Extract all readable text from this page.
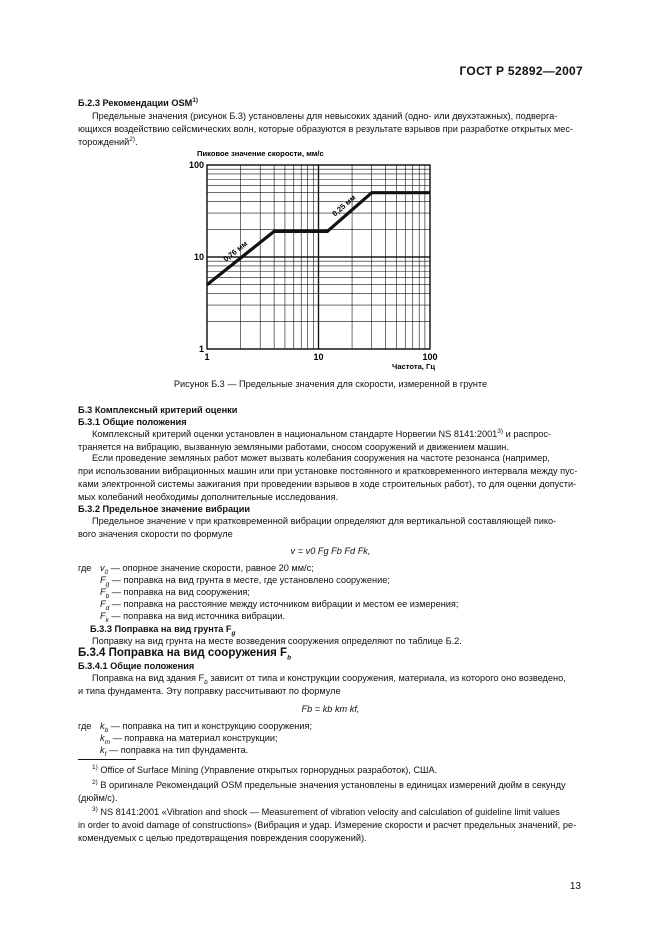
ГОСТ Р 52892—2007
Б.2.3 Рекомендации OSM$^{1)}$
Предельные значения (рисунок Б.3) установлены для невысоких зданий (одно- или двухэтажных), подверга-
ющихся воздействию сейсмических волн, которые образуются в результате взрывов при разработке открытых мес-
торождений$^{2)}$.
1	10	100
1
10
100
Пиковое значение скорости, мм/с
Частота, Гц
0,76 мм
0,25 мм
Рисунок Б.3 — Предельные значения для скорости, измеренной в грунте
Б.3 Комплексный критерий оценки
Б.3.1 Общие положения
Комплексный критерий оценки установлен в национальном стандарте Норвегии NS 8141:2001$^{3)}$ и распрос-
траняется на вибрацию, вызванную земляными работами, сносом сооружений и движением машин.
Если проведение земляных работ может вызвать колебания сооружения на частоте резонанса (например,
при использовании вибрационных машин или при установке постоянного и кратковременного интервала между пус-
ками электронной системы зажигания при проведении взрывов в ходе строительных работ), то для оценки допусти-
мых колебаний необходимы дополнительные исследования.
Б.3.2 Предельное значение вибрации
Предельное значение v при кратковременной вибрации определяют для вертикальной составляющей пико-
вого значения скорости по формуле
v = v0 Fg Fb Fd Fk,
гдеv$_0$ — опорное значение скорости, равное 20 мм/с;
$F_g$ — поправка на вид грунта в месте, где установлено сооружение;
$F_b$ — поправка на вид сооружения;
$F_d$ — поправка на расстояние между источником вибрации и местом ее измерения;
$F_k$ — поправка на вид источника вибрации.
Б.3.3 Поправка на вид грунта $F_g$
Поправку на вид грунта на месте возведения сооружения определяют по таблице Б.2.
Б.3.4 Поправка на вид сооружения $F_b$
Б.3.4.1 Общие положения
Поправка на вид здания $F_b$ зависит от типа и конструкции сооружения, материала, из которого оно возведено,
и типа фундамента. Эту поправку рассчитывают по формуле
Fb = kb km kf,
гдеk$_b$ — поправка на тип и конструкцию сооружения;
$k_m$ — поправка на материал конструкции;
$k_f$ — поправка на тип фундамента.
$^{1)}$ Office of Surface Mining (Управление открытых горнорудных разработок), США.
$^{2)}$ В оригинале Рекомендаций OSM предельные значения установлены в единицах измерений дюйм в секунду
(дюйм/с).
$^{3)}$ NS 8141:2001 «Vibration and shock — Measurement of vibration velocity and calculation of guideline limit values
in order to avoid damage of constructions» (Вибрация и удар. Измерение скорости и расчет предельных значений, ре-
комендуемых с целью предотвращения повреждения сооружений).
13
